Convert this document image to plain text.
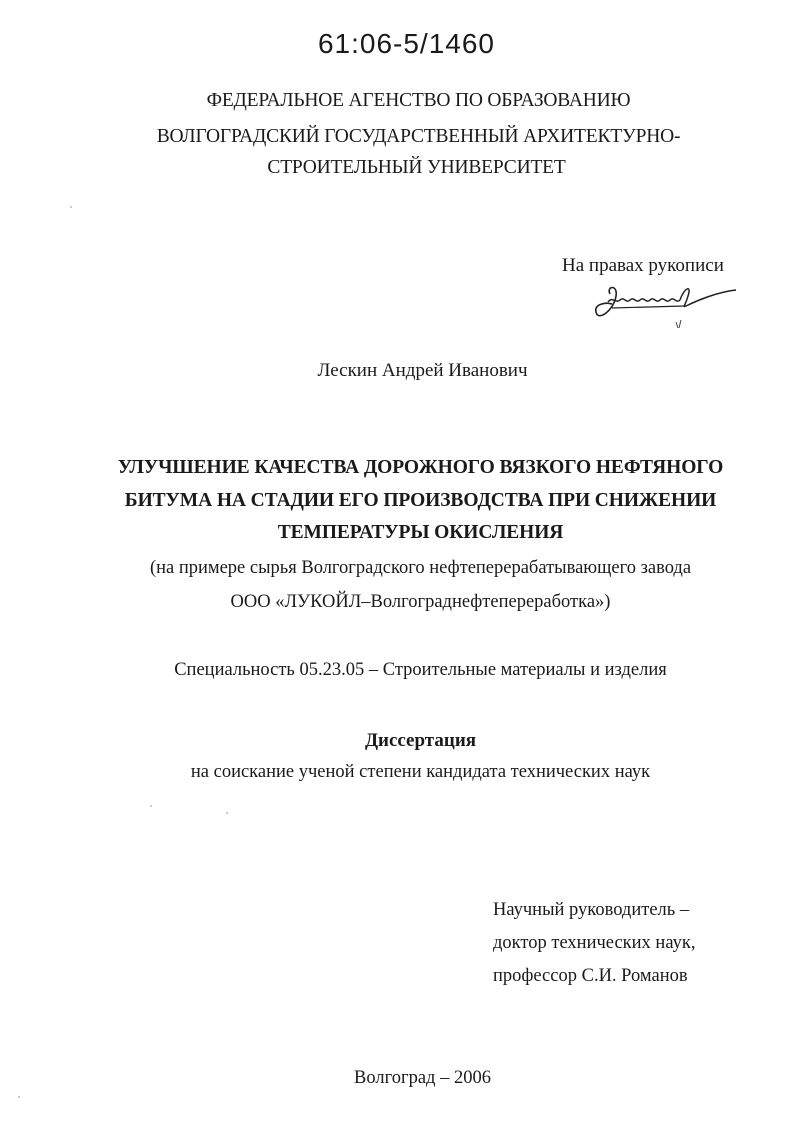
61:06-5/1460
ФЕДЕРАЛЬНОЕ АГЕНСТВО ПО ОБРАЗОВАНИЮ
ВОЛГОГРАДСКИЙ ГОСУДАРСТВЕННЫЙ АРХИТЕКТУРНО-
СТРОИТЕЛЬНЫЙ УНИВЕРСИТЕТ
На правах рукописи
Лескин Андрей Иванович
УЛУЧШЕНИЕ КАЧЕСТВА ДОРОЖНОГО ВЯЗКОГО НЕФТЯНОГО
БИТУМА НА СТАДИИ ЕГО ПРОИЗВОДСТВА ПРИ СНИЖЕНИИ
ТЕМПЕРАТУРЫ ОКИСЛЕНИЯ
(на примере сырья Волгоградского нефтеперерабатывающего завода
ООО «ЛУКОЙЛ–Волгограднефтепереработка»)
Специальность 05.23.05 – Строительные материалы и изделия
Диссертация
на соискание ученой степени кандидата технических наук
Научный руководитель –
доктор технических наук,
профессор С.И. Романов
Волгоград – 2006
